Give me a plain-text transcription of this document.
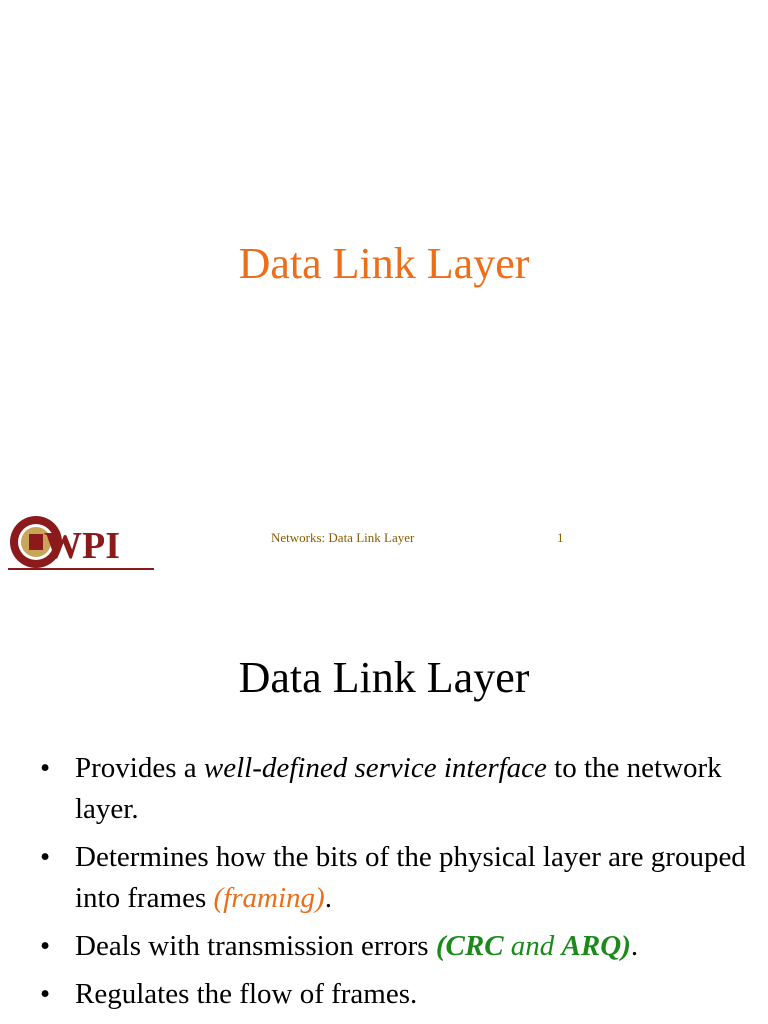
Data Link Layer
WPI	Networks: Data Link Layer	1
Data Link Layer
• Provides a well-defined service interface to the network layer.
• Determines how the bits of the physical layer are grouped into frames (framing).
• Deals with transmission errors (CRC and ARQ).
• Regulates the flow of frames.
